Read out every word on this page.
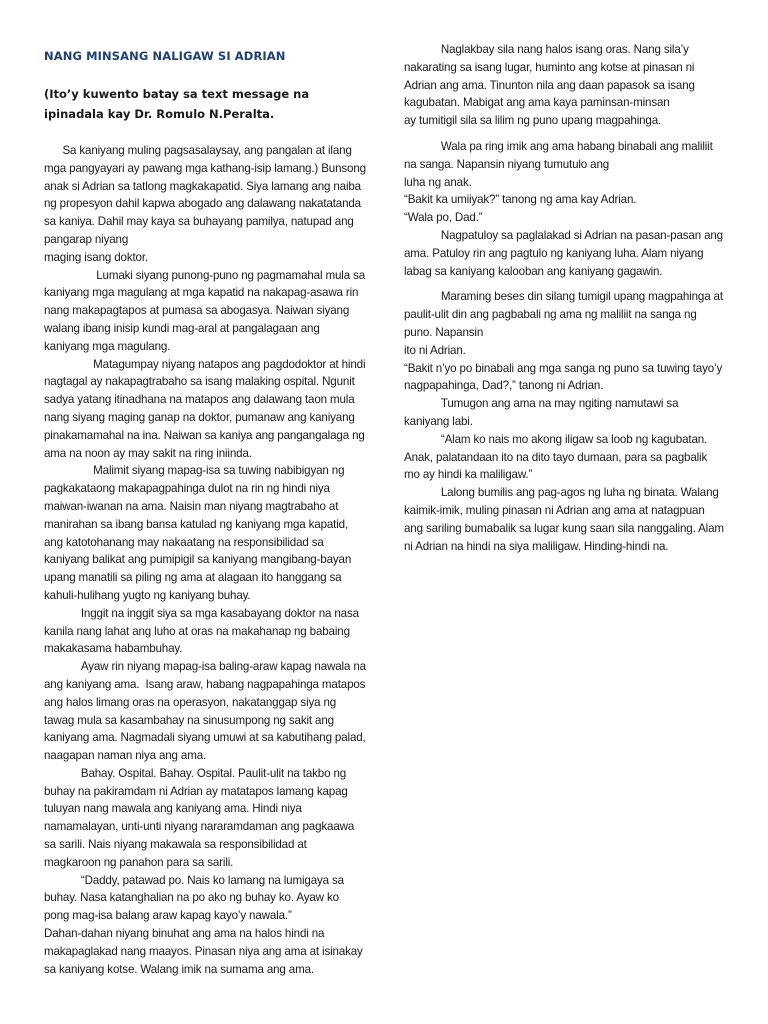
NANG MINSANG NALIGAW SI ADRIAN
(Ito’y kuwento batay sa text message na ipinadala kay Dr. Romulo N.Peralta.

Sa kaniyang muling pagsasalaysay, ang pangalan at ilang mga pangyayari ay pawang mga kathang-isip lamang.) Bunsong anak si Adrian sa tatlong magkakapatid. Siya lamang ang naiba ng propesyon dahil kapwa abogado ang dalawang nakatatanda sa kaniya. Dahil may kaya sa buhayang pamilya, natupad ang pangarap niyang

maging isang doktor.

Lumaki siyang punong-puno ng pagmamahal mula sa kaniyang mga magulang at mga kapatid na nakapag-asawa rin nang makapagtapos at pumasa sa abogasya. Naiwan siyang walang ibang inisip kundi mag-aral at pangalagaan ang kaniyang mga magulang.

Matagumpay niyang natapos ang pagdodoktor at hindi nagtagal ay nakapagtrabaho sa isang malaking ospital. Ngunit sadya yatang itinadhana na matapos ang dalawang taon mula nang siyang maging ganap na doktor, pumanaw ang kaniyang pinakamamahal na ina. Naiwan sa kaniya ang pangangalaga ng ama na noon ay may sakit na ring iniinda.

Malimit siyang mapag-isa sa tuwing nabibigyan ng pagkakataong makapagpahinga dulot na rin ng hindi niya maiwan-iwanan na ama. Naisin man niyang magtrabaho at manirahan sa ibang bansa katulad ng kaniyang mga kapatid, ang katotohanang may nakaatang na responsibilidad sa kaniyang balikat ang pumipigil sa kaniyang mangibang-bayan upang manatili sa piling ng ama at alagaan ito hanggang sa kahuli-hulihang yugto ng kaniyang buhay.

Inggit na inggit siya sa mga kasabayang doktor na nasa kanila nang lahat ang luho at oras na makahanap ng babaing makakasama habambuhay.

Ayaw rin niyang mapag-isa baling-araw kapag nawala na ang kaniyang ama.  Isang araw, habang nagpapahinga matapos ang halos limang oras na operasyon, nakatanggap siya ng tawag mula sa kasambahay na sinusumpong ng sakit ang kaniyang ama. Nagmadali siyang umuwi at sa kabutihang palad, naagapan naman niya ang ama.

Bahay. Ospital. Bahay. Ospital. Paulit-ulit na takbo ng buhay na pakiramdam ni Adrian ay matatapos lamang kapag tuluyan nang mawala ang kaniyang ama. Hindi niya namamalayan, unti-unti niyang nararamdaman ang pagkaawa sa sarili. Nais niyang makawala sa responsibilidad at magkaroon ng panahon para sa sarili.

“Daddy, patawad po. Nais ko lamang na lumigaya sa buhay. Nasa katanghalian na po ako ng buhay ko. Ayaw ko pong mag-isa balang araw kapag kayo’y nawala.”

Dahan-dahan niyang binuhat ang ama na halos hindi na makapaglakad nang maayos. Pinasan niya ang ama at isinakay sa kaniyang kotse. Walang imik na sumama ang ama.

Naglakbay sila nang halos isang oras. Nang sila’y nakarating sa isang lugar, huminto ang kotse at pinasan ni Adrian ang ama. Tinunton nila ang daan papasok sa isang kagubatan. Mabigat ang ama kaya paminsan-minsan

ay tumitigil sila sa lilim ng puno upang magpahinga.

Wala pa ring imik ang ama habang binabali ang maliliit na sanga. Napansin niyang tumutulo ang

luha ng anak.

“Bakit ka umiiyak?” tanong ng ama kay Adrian.

“Wala po, Dad.”

Nagpatuloy sa paglalakad si Adrian na pasan-pasan ang ama. Patuloy rin ang pagtulo ng kaniyang luha. Alam niyang labag sa kaniyang kalooban ang kaniyang gagawin.

Maraming beses din silang tumigil upang magpahinga at paulit-ulit din ang pagbabali ng ama ng maliliit na sanga ng puno. Napansin

ito ni Adrian.

“Bakit n’yo po binabali ang mga sanga ng puno sa tuwing tayo’y nagpapahinga, Dad?,” tanong ni Adrian.

Tumugon ang ama na may ngiting namutawi sa kaniyang labi.

“Alam ko nais mo akong iligaw sa loob ng kagubatan. Anak, palatandaan ito na dito tayo dumaan, para sa pagbalik mo ay hindi ka maliligaw.”

Lalong bumilis ang pag-agos ng luha ng binata. Walang kaimik-imik, muling pinasan ni Adrian ang ama at natagpuan ang sariling bumabalik sa lugar kung saan sila nanggaling. Alam ni Adrian na hindi na siya maliligaw. Hinding-hindi na.
